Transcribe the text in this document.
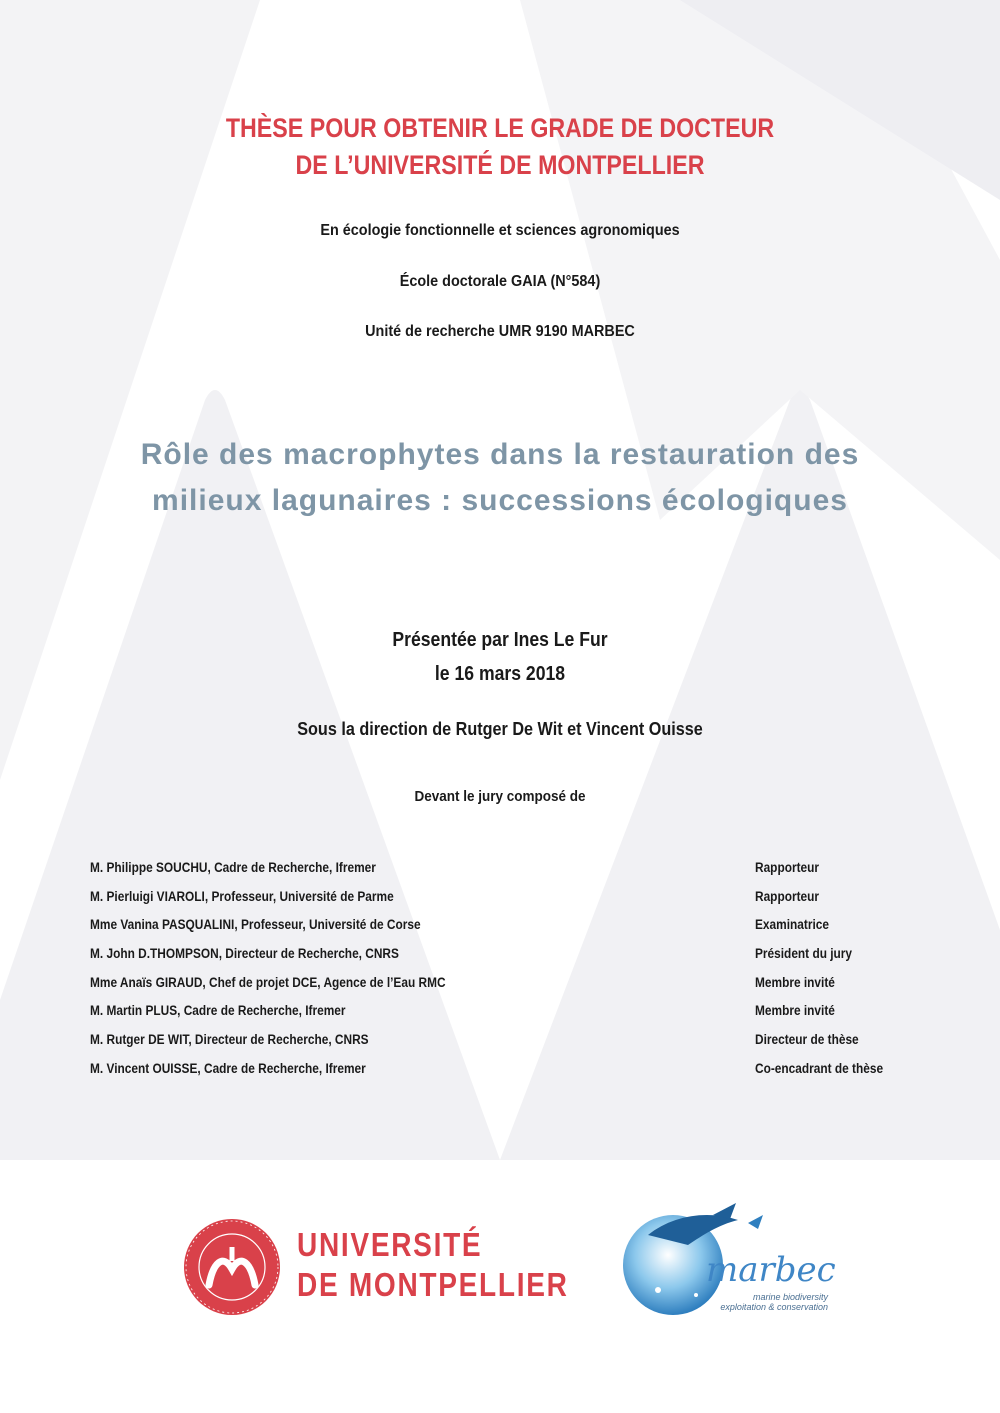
THÈSE POUR OBTENIR LE GRADE DE DOCTEUR
DE L’UNIVERSITÉ DE MONTPELLIER
En écologie fonctionnelle et sciences agronomiques
École doctorale GAIA (N°584)
Unité de recherche UMR 9190 MARBEC
Rôle des macrophytes dans la restauration des
milieux lagunaires : successions écologiques
Présentée par Ines Le Fur
le 16 mars 2018
Sous la direction de Rutger De Wit et Vincent Ouisse
Devant le jury composé de
M. Philippe SOUCHU, Cadre de Recherche, Ifremer	Rapporteur
M. Pierluigi VIAROLI, Professeur, Université de Parme	Rapporteur
Mme Vanina PASQUALINI, Professeur, Université de Corse	Examinatrice
M. John D.THOMPSON, Directeur de Recherche, CNRS	Président du jury
Mme Anaïs GIRAUD, Chef de projet DCE, Agence de l’Eau RMC	Membre invité
M. Martin PLUS, Cadre de Recherche, Ifremer	Membre invité
M. Rutger DE WIT, Directeur de Recherche, CNRS	Directeur de thèse
M. Vincent OUISSE, Cadre de Recherche, Ifremer	Co-encadrant de thèse
UNIVERSITÉ
DE MONTPELLIER	marbec
marine biodiversity
exploitation & conservation
